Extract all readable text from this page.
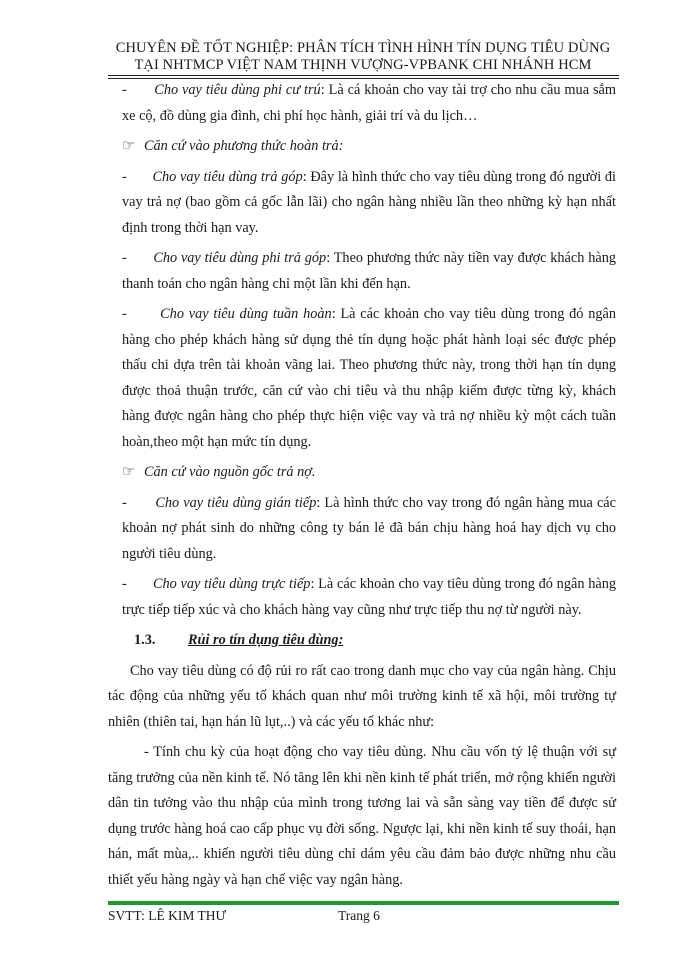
CHUYÊN ĐỀ TỐT NGHIỆP: PHÂN TÍCH TÌNH HÌNH TÍN DỤNG TIÊU DÙNG
TẠI NHTMCP VIỆT NAM THỊNH VƯỢNG-VPBANK CHI NHÁNH HCM

-       Cho vay tiêu dùng phi cư trú: Là cá khoản cho vay tài trợ cho nhu cầu mua sắm xe cộ, đồ dùng gia đình, chi phí học hành, giải trí và du lịch…

☞ Căn cứ vào phương thức hoàn trả:

-       Cho vay tiêu dùng trả góp: Đây là hình thức cho vay tiêu dùng trong đó người đi vay trả nợ (bao gồm cả gốc lẫn lãi) cho ngân hàng nhiều lần theo những kỳ hạn nhất định trong thời hạn vay.

-       Cho vay tiêu dùng phi trả góp: Theo phương thức này tiền vay được khách hàng thanh toán cho ngân hàng chỉ một lần khi đến hạn.

-       Cho vay tiêu dùng tuần hoàn: Là các khoản cho vay tiêu dùng trong đó ngân hàng cho phép khách hàng sử dụng thẻ tín dụng hoặc phát hành loại séc được phép thấu chi dựa trên tài khoản vãng lai. Theo phương thức này, trong thời hạn tín dụng được thoả thuận trước, căn cứ vào chi tiêu và thu nhập kiếm được từng kỳ, khách hàng được ngân hàng cho phép thực hiện việc vay và trả nợ nhiều kỳ một cách tuần hoàn,theo một hạn mức tín dụng.

☞ Căn cứ vào nguồn gốc trả nợ.

-       Cho vay tiêu dùng gián tiếp: Là hình thức cho vay trong đó ngân hàng mua các khoản nợ phát sinh do những công ty bán lẻ đã bán chịu hàng hoá hay dịch vụ cho người tiêu dùng.

-       Cho vay tiêu dùng trực tiếp: Là các khoản cho vay tiêu dùng trong đó ngân hàng trực tiếp tiếp xúc và cho khách hàng vay cũng như trực tiếp thu nợ từ người này.

1.3. Rủi ro tín dụng tiêu dùng:

Cho vay tiêu dùng có độ rủi ro rất cao trong danh mục cho vay của ngân hàng. Chịu tác động của những yếu tố khách quan như môi trường kinh tế xã hội, môi trường tự nhiên (thiên tai, hạn hán lũ lụt,..) và các yếu tố khác như:

- Tính chu kỳ của hoạt động cho vay tiêu dùng. Nhu cầu vốn tỷ lệ thuận với sự tăng trưởng của nền kinh tế. Nó tăng lên khi nền kinh tế phát triển, mở rộng khiến người dân tin tưởng vào thu nhập của mình trong tương lai và sẵn sàng vay tiền để được sử dụng trước hàng hoá cao cấp phục vụ đời sống. Ngược lại, khi nền kinh tế suy thoái, hạn hán, mất mùa,.. khiến người tiêu dùng chỉ dám yêu cầu đảm bảo được những nhu cầu thiết yếu hàng ngày và hạn chế việc vay ngân hàng.

SVTT: LÊ KIM THƯ	Trang 6
